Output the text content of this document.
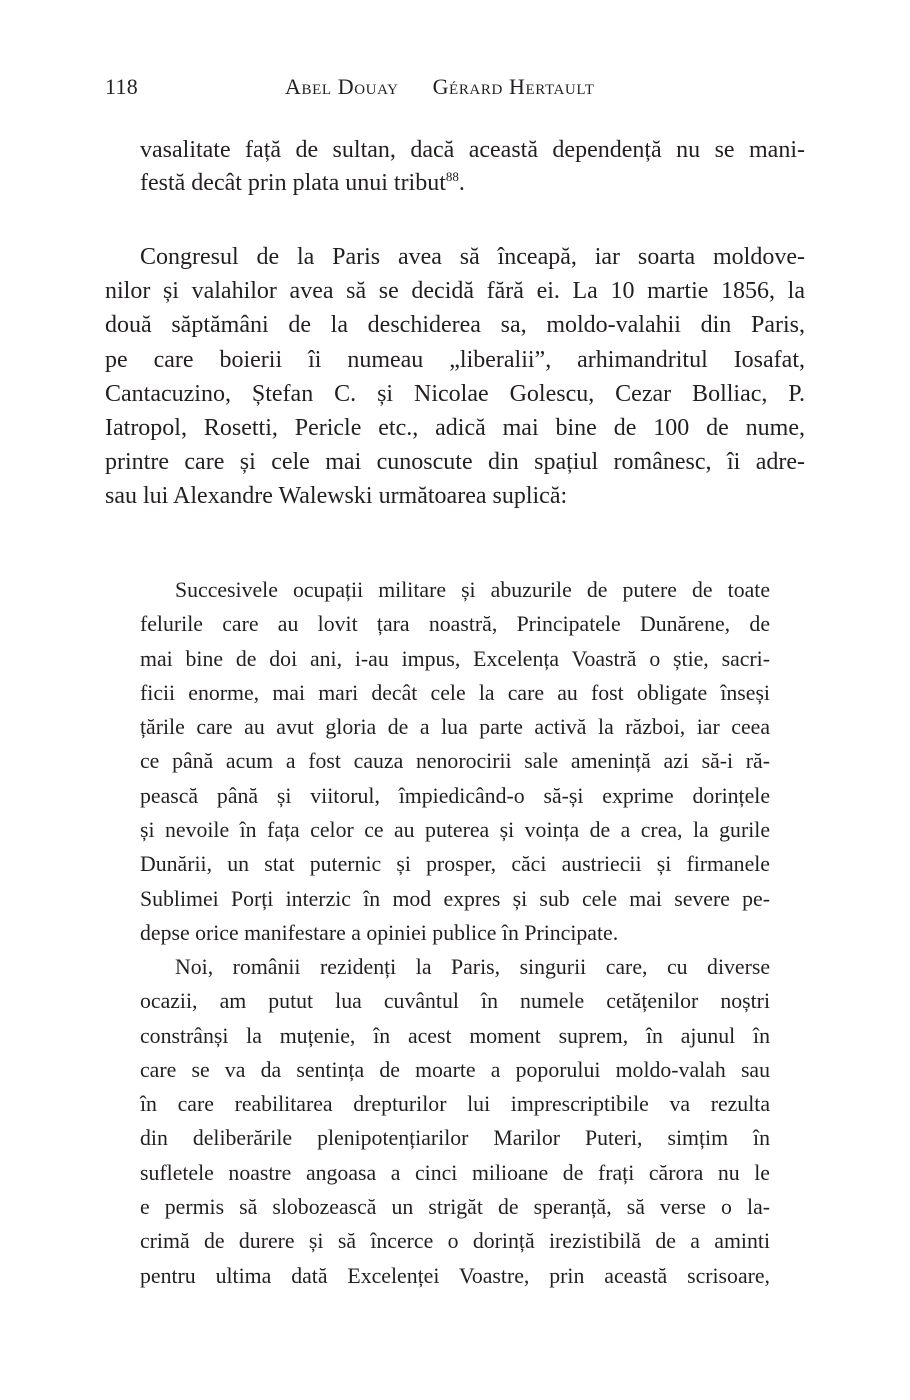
118	Abel Douay Gérard Hertault
vasalitate față de sultan, dacă această dependență nu se mani-
festă decât prin plata unui tribut$^{88}$.
Congresul de la Paris avea să înceapă, iar soarta moldove-
nilor și valahilor avea să se decidă fără ei. La 10 martie 1856, la
două săptămâni de la deschiderea sa, moldo-valahii din Paris,
pe care boierii îi numeau „liberalii”, arhimandritul Iosafat,
Cantacuzino, Ștefan C. și Nicolae Golescu, Cezar Bolliac, P.
Iatropol, Rosetti, Pericle etc., adică mai bine de 100 de nume,
printre care și cele mai cunoscute din spațiul românesc, îi adre-
sau lui Alexandre Walewski următoarea suplică:
Succesivele ocupații militare și abuzurile de putere de toate
felurile care au lovit țara noastră, Principatele Dunărene, de
mai bine de doi ani, i-au impus, Excelența Voastră o știe, sacri-
ficii enorme, mai mari decât cele la care au fost obligate înseși
țările care au avut gloria de a lua parte activă la război, iar ceea
ce până acum a fost cauza nenorocirii sale amenință azi să-i ră-
pească până și viitorul, împiedicând-o să-și exprime dorințele
și nevoile în fața celor ce au puterea și voința de a crea, la gurile
Dunării, un stat puternic și prosper, căci austriecii și firmanele
Sublimei Porți interzic în mod expres și sub cele mai severe pe-
depse orice manifestare a opiniei publice în Principate.
Noi, românii rezidenți la Paris, singurii care, cu diverse
ocazii, am putut lua cuvântul în numele cetățenilor noștri
constrânși la muțenie, în acest moment suprem, în ajunul în
care se va da sentința de moarte a poporului moldo-valah sau
în care reabilitarea drepturilor lui imprescriptibile va rezulta
din deliberările plenipotențiarilor Marilor Puteri, simțim în
sufletele noastre angoasa a cinci milioane de frați cărora nu le
e permis să slobozească un strigăt de speranță, să verse o la-
crimă de durere și să încerce o dorință irezistibilă de a aminti
pentru ultima dată Excelenței Voastre, prin această scrisoare,
